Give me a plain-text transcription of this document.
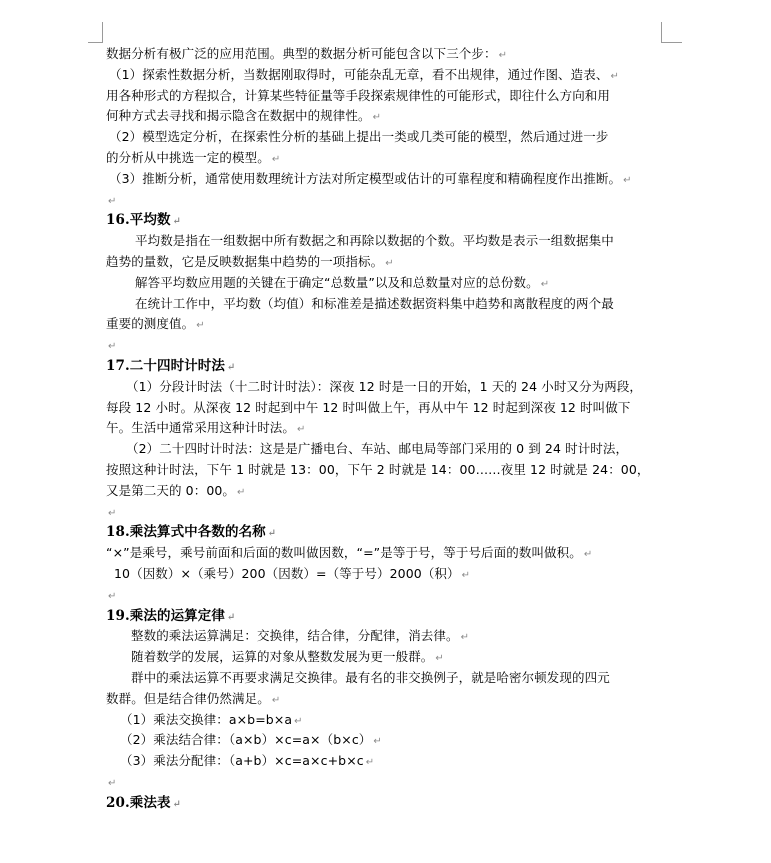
数据分析有极广泛的应用范围。典型的数据分析可能包含以下三个步： ↵
（1）探索性数据分析，当数据刚取得时，可能杂乱无章，看不出规律，通过作图、造表、 ↵
用各种形式的方程拟合，计算某些特征量等手段探索规律性的可能形式，即往什么方向和用
何种方式去寻找和揭示隐含在数据中的规律性。 ↵
（2）模型选定分析，在探索性分析的基础上提出一类或几类可能的模型，然后通过进一步
的分析从中挑选一定的模型。 ↵
（3）推断分析，通常使用数理统计方法对所定模型或估计的可靠程度和精确程度作出推断。 ↵
↵
16.平均数 ↵
平均数是指在一组数据中所有数据之和再除以数据的个数。平均数是表示一组数据集中
趋势的量数，它是反映数据集中趋势的一项指标。 ↵
解答平均数应用题的关键在于确定“总数量”以及和总数量对应的总份数。 ↵
在统计工作中，平均数（均值）和标准差是描述数据资料集中趋势和离散程度的两个最
重要的测度值。 ↵
↵
17.二十四时计时法 ↵
（1）分段计时法（十二时计时法）：深夜 12 时是一日的开始，1 天的 24 小时又分为两段，
每段 12 小时。从深夜 12 时起到中午 12 时叫做上午，再从中午 12 时起到深夜 12 时叫做下
午。生活中通常采用这种计时法。 ↵
（2）二十四时计时法：这是是广播电台、车站、邮电局等部门采用的 0 到 24 时计时法，
按照这种计时法，下午 1 时就是 13：00，下午 2 时就是 14：00……夜里 12 时就是 24：00，
又是第二天的 0：00。 ↵
↵
18.乘法算式中各数的名称 ↵
“×”是乘号，乘号前面和后面的数叫做因数，“=”是等于号，等于号后面的数叫做积。 ↵
10（因数）×（乘号）200（因数）=（等于号）2000（积） ↵
↵
19.乘法的运算定律 ↵
整数的乘法运算满足：交换律，结合律，分配律，消去律。 ↵
随着数学的发展，运算的对象从整数发展为更一般群。 ↵
群中的乘法运算不再要求满足交换律。最有名的非交换例子，就是哈密尔顿发现的四元
数群。但是结合律仍然满足。 ↵
（1）乘法交换律：a×b=b×a ↵
（2）乘法结合律：（a×b）×c=a×（b×c） ↵
（3）乘法分配律：（a+b）×c=a×c+b×c ↵
↵
20.乘法表 ↵
